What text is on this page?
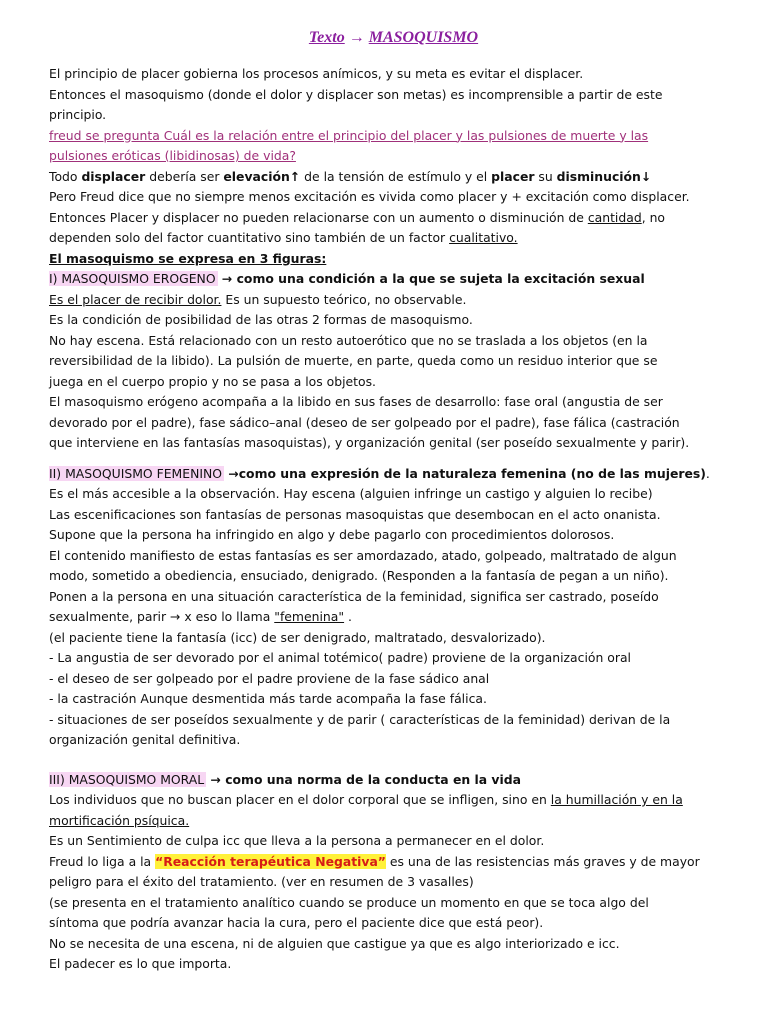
Texto → MASOQUISMO
El principio de placer gobierna los procesos anímicos, y su meta es evitar el displacer.
Entonces el masoquismo (donde el dolor y displacer son metas) es incomprensible a partir de este
principio.
freud se pregunta Cuál es la relación entre el principio del placer y las pulsiones de muerte y las
pulsiones eróticas (libidinosas) de vida?
Todo displacer debería ser elevación↑ de la tensión de estímulo y el placer su disminución↓
Pero Freud dice que no siempre menos excitación es vivida como placer y + excitación como displacer.
Entonces Placer y displacer no pueden relacionarse con un aumento o disminución de cantidad, no
dependen solo del factor cuantitativo sino también de un factor cualitativo.
El masoquismo se expresa en 3 figuras:
I) MASOQUISMO EROGENO → como una condición a la que se sujeta la excitación sexual
Es el placer de recibir dolor. Es un supuesto teórico, no observable.
Es la condición de posibilidad de las otras 2 formas de masoquismo.
No hay escena. Está relacionado con un resto autoerótico que no se traslada a los objetos (en la
reversibilidad de la libido). La pulsión de muerte, en parte, queda como un residuo interior que se
juega en el cuerpo propio y no se pasa a los objetos.
El masoquismo erógeno acompaña a la libido en sus fases de desarrollo: fase oral (angustia de ser
devorado por el padre), fase sádico–anal (deseo de ser golpeado por el padre), fase fálica (castración
que interviene en las fantasías masoquistas), y organización genital (ser poseído sexualmente y parir).
II) MASOQUISMO FEMENINO →como una expresión de la naturaleza femenina (no de las mujeres).
Es el más accesible a la observación. Hay escena (alguien infringe un castigo y alguien lo recibe)
Las escenificaciones son fantasías de personas masoquistas que desembocan en el acto onanista.
Supone que la persona ha infringido en algo y debe pagarlo con procedimientos dolorosos.
El contenido manifiesto de estas fantasías es ser amordazado, atado, golpeado, maltratado de algun
modo, sometido a obediencia, ensuciado, denigrado. (Responden a la fantasía de pegan a un niño).
Ponen a la persona en una situación característica de la feminidad, significa ser castrado, poseído
sexualmente, parir → x eso lo llama "femenina" .
(el paciente tiene la fantasía (icc) de ser denigrado, maltratado, desvalorizado).
- La angustia de ser devorado por el animal totémico( padre) proviene de la organización oral
- el deseo de ser golpeado por el padre proviene de la fase sádico anal
- la castración Aunque desmentida más tarde acompaña la fase fálica.
- situaciones de ser poseídos sexualmente y de parir ( características de la feminidad) derivan de la
organización genital definitiva.
III) MASOQUISMO MORAL → como una norma de la conducta en la vida
Los individuos que no buscan placer en el dolor corporal que se infligen, sino en la humillación y en la
mortificación psíquica.
Es un Sentimiento de culpa icc que lleva a la persona a permanecer en el dolor.
Freud lo liga a la “Reacción terapéutica Negativa” es una de las resistencias más graves y de mayor
peligro para el éxito del tratamiento. (ver en resumen de 3 vasalles)
(se presenta en el tratamiento analítico cuando se produce un momento en que se toca algo del
síntoma que podría avanzar hacia la cura, pero el paciente dice que está peor).
No se necesita de una escena, ni de alguien que castigue ya que es algo interiorizado e icc.
El padecer es lo que importa.
